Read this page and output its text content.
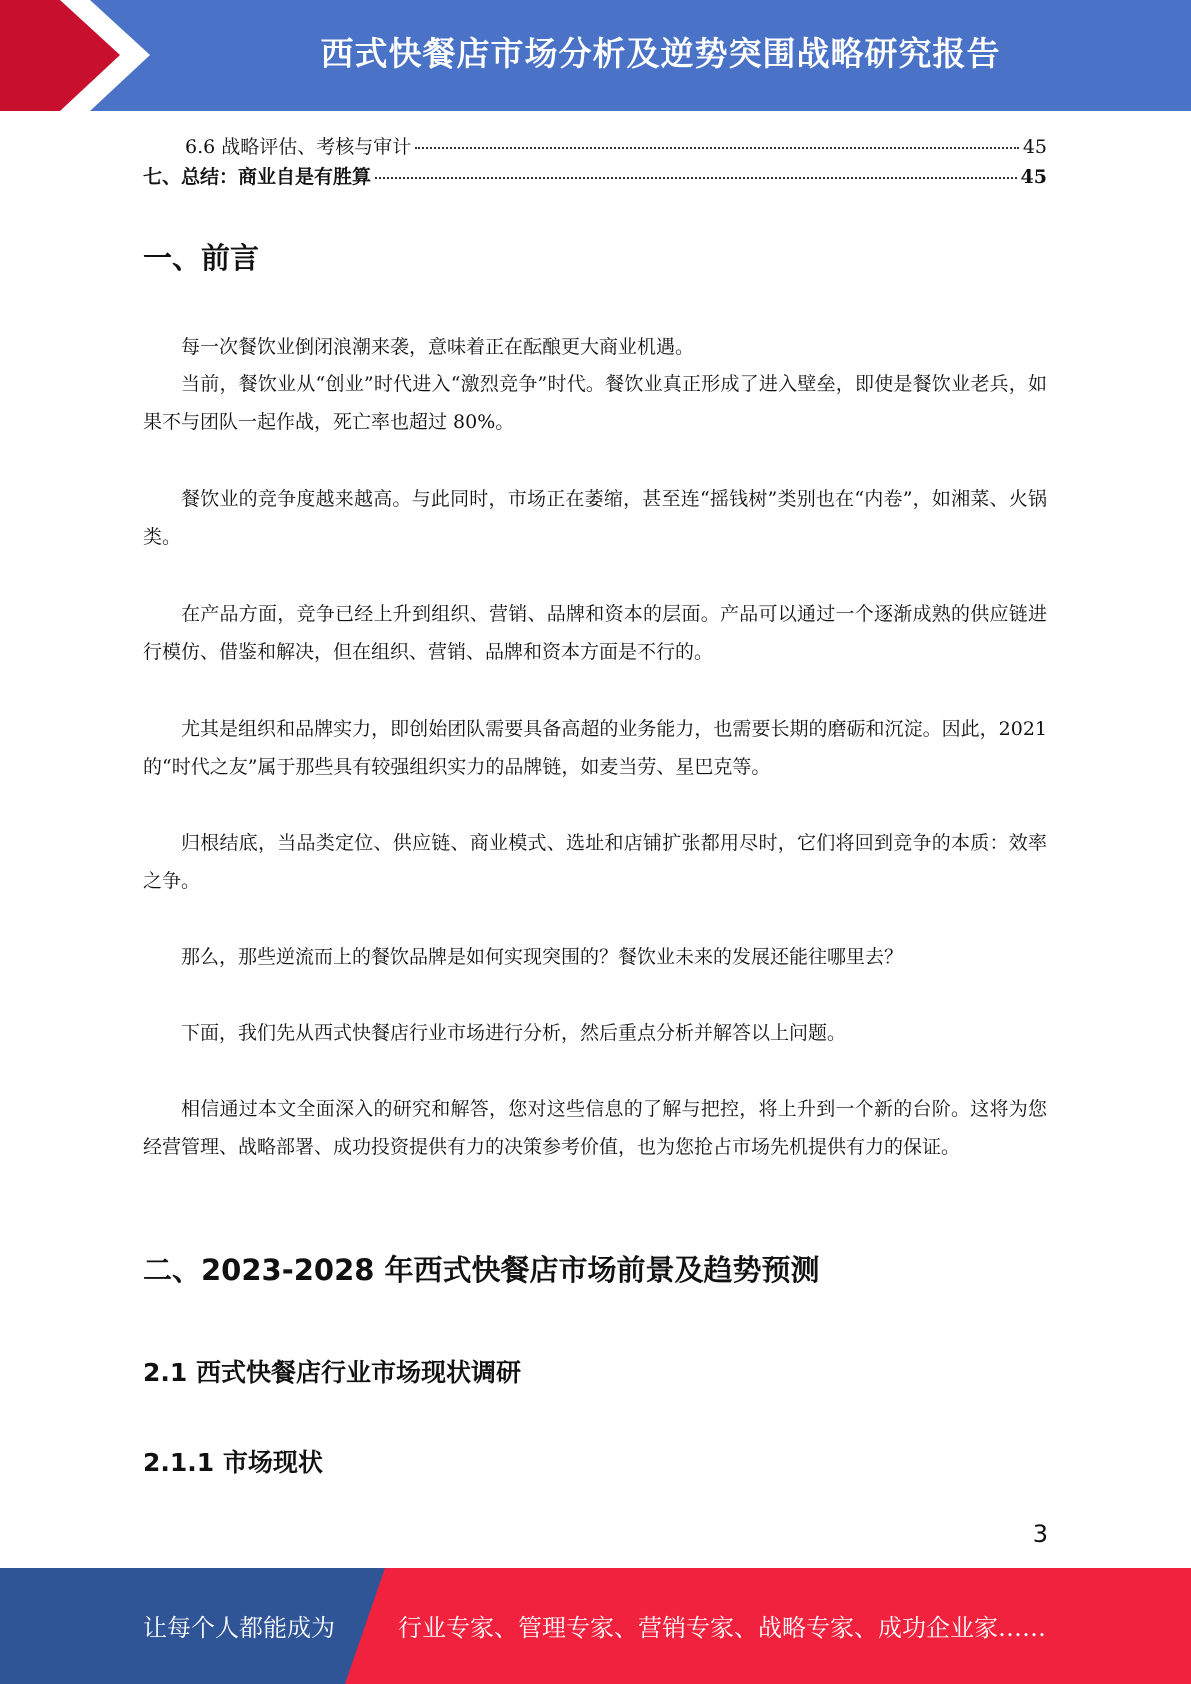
西式快餐店市场分析及逆势突围战略研究报告
6.6 战略评估、考核与审计	45
七、总结：商业自是有胜算	45
一、前言

每一次餐饮业倒闭浪潮来袭，意味着正在酝酿更大商业机遇。

当前，餐饮业从“创业”时代进入“激烈竞争”时代。餐饮业真正形成了进入壁垒，即使是餐饮业老兵，如果不与团队一起作战，死亡率也超过 80%。

餐饮业的竞争度越来越高。与此同时，市场正在萎缩，甚至连“摇钱树”类别也在“内卷”，如湘菜、火锅类。

在产品方面，竞争已经上升到组织、营销、品牌和资本的层面。产品可以通过一个逐渐成熟的供应链进行模仿、借鉴和解决，但在组织、营销、品牌和资本方面是不行的。

尤其是组织和品牌实力，即创始团队需要具备高超的业务能力，也需要长期的磨砺和沉淀。因此，2021 的“时代之友”属于那些具有较强组织实力的品牌链，如麦当劳、星巴克等。

归根结底，当品类定位、供应链、商业模式、选址和店铺扩张都用尽时，它们将回到竞争的本质：效率之争。

那么，那些逆流而上的餐饮品牌是如何实现突围的？餐饮业未来的发展还能往哪里去？

下面，我们先从西式快餐店行业市场进行分析，然后重点分析并解答以上问题。

相信通过本文全面深入的研究和解答，您对这些信息的了解与把控，将上升到一个新的台阶。这将为您经营管理、战略部署、成功投资提供有力的决策参考价值，也为您抢占市场先机提供有力的保证。

二、2023-2028 年西式快餐店市场前景及趋势预测
2.1 西式快餐店行业市场现状调研
2.1.1 市场现状
3
让每个人都能成为	行业专家、管理专家、营销专家、战略专家、成功企业家……
